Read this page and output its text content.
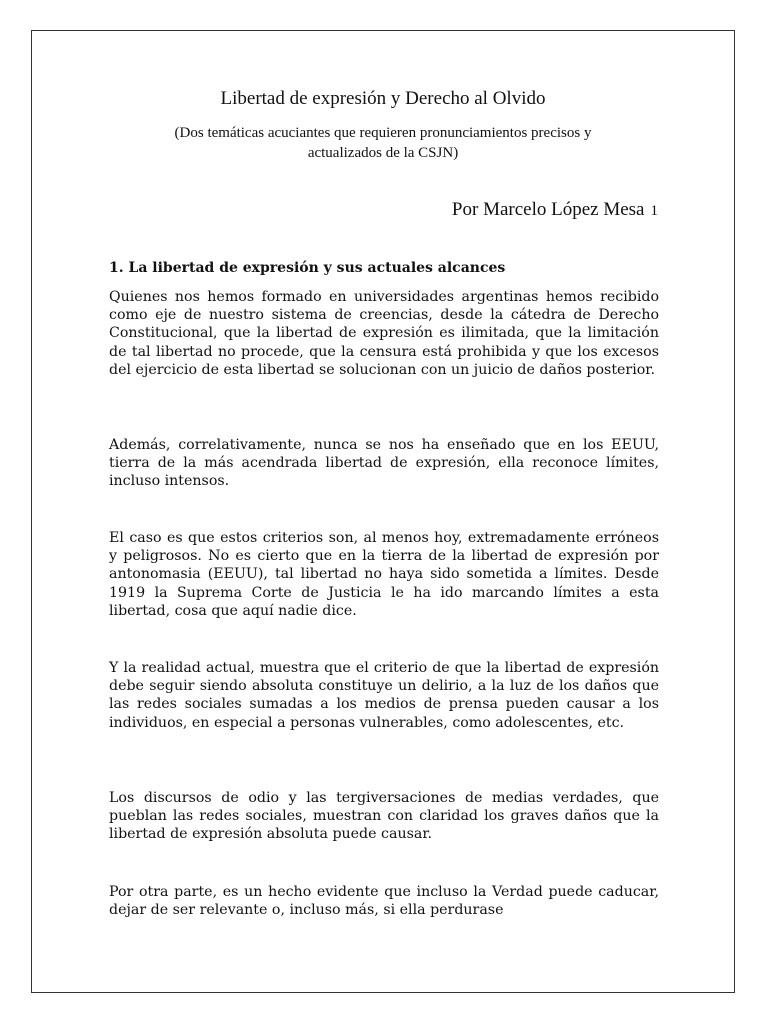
Libertad de expresión y Derecho al Olvido
(Dos temáticas acuciantes que requieren pronunciamientos precisos y actualizados de la CSJN)
Por Marcelo López Mesa 1
1. La libertad de expresión y sus actuales alcances
Quienes nos hemos formado en universidades argentinas hemos recibido como eje de nuestro sistema de creencias, desde la cátedra de Derecho Constitucional, que la libertad de expresión es ilimitada, que la limitación de tal libertad no procede, que la censura está prohibida y que los excesos del ejercicio de esta libertad se solucionan con un juicio de daños posterior.
Además, correlativamente, nunca se nos ha enseñado que en los EEUU, tierra de la más acendrada libertad de expresión, ella reconoce límites, incluso intensos.
El caso es que estos criterios son, al menos hoy, extremadamente erróneos y peligrosos. No es cierto que en la tierra de la libertad de expresión por antonomasia (EEUU), tal libertad no haya sido sometida a límites. Desde 1919 la Suprema Corte de Justicia le ha ido marcando límites a esta libertad, cosa que aquí nadie dice.
Y la realidad actual, muestra que el criterio de que la libertad de expresión debe seguir siendo absoluta constituye un delirio, a la luz de los daños que las redes sociales sumadas a los medios de prensa pueden causar a los individuos, en especial a personas vulnerables, como adolescentes, etc.
Los discursos de odio y las tergiversaciones de medias verdades, que pueblan las redes sociales, muestran con claridad los graves daños que la libertad de expresión absoluta puede causar.
Por otra parte, es un hecho evidente que incluso la Verdad puede caducar, dejar de ser relevante o, incluso más, si ella perdurase
